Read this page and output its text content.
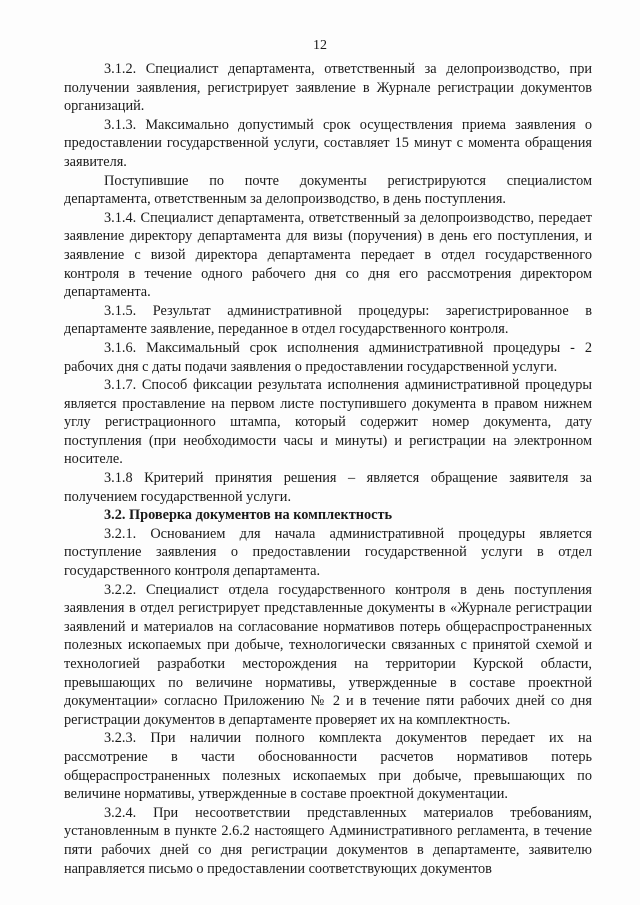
12

3.1.2. Специалист департамента, ответственный за делопроизводство, при получении заявления, регистрирует заявление в Журнале регистрации документов организаций.

3.1.3. Максимально допустимый срок осуществления приема заявления о предоставлении государственной услуги, составляет 15 минут с момента обращения заявителя.

Поступившие по почте документы регистрируются специалистом департамента, ответственным за делопроизводство, в день поступления.

3.1.4. Специалист департамента, ответственный за делопроизводство, передает заявление директору департамента для визы (поручения) в день его поступления, и заявление с визой директора департамента передает в отдел государственного контроля в течение одного рабочего дня со дня его рассмотрения директором департамента.

3.1.5. Результат административной процедуры: зарегистрированное в департаменте заявление, переданное в отдел государственного контроля.

3.1.6. Максимальный срок исполнения административной процедуры - 2 рабочих дня с даты подачи заявления о предоставлении государственной услуги.

3.1.7. Способ фиксации результата исполнения административной процедуры является проставление на первом листе поступившего документа в правом нижнем углу регистрационного штампа, который содержит номер документа, дату поступления (при необходимости часы и минуты) и регистрации на электронном носителе.

3.1.8 Критерий принятия решения – является обращение заявителя за получением государственной услуги.

3.2. Проверка документов на комплектность

3.2.1. Основанием для начала административной процедуры является поступление заявления о предоставлении государственной услуги в отдел государственного контроля департамента.

3.2.2. Специалист отдела государственного контроля в день поступления заявления в отдел регистрирует представленные документы в «Журнале регистрации заявлений и материалов на согласование нормативов потерь общераспространенных полезных ископаемых при добыче, технологически связанных с принятой схемой и технологией разработки месторождения на территории Курской области, превышающих по величине нормативы, утвержденные в составе проектной документации» согласно Приложению № 2 и в течение пяти рабочих дней со дня регистрации документов в департаменте проверяет их на комплектность.

3.2.3. При наличии полного комплекта документов передает их на рассмотрение в части обоснованности расчетов нормативов потерь общераспространенных полезных ископаемых при добыче, превышающих по величине нормативы, утвержденные в составе проектной документации.

3.2.4. При несоответствии представленных материалов требованиям, установленным в пункте 2.6.2 настоящего Административного регламента, в течение пяти рабочих дней со дня регистрации документов в департаменте, заявителю направляется письмо о предоставлении соответствующих документов
